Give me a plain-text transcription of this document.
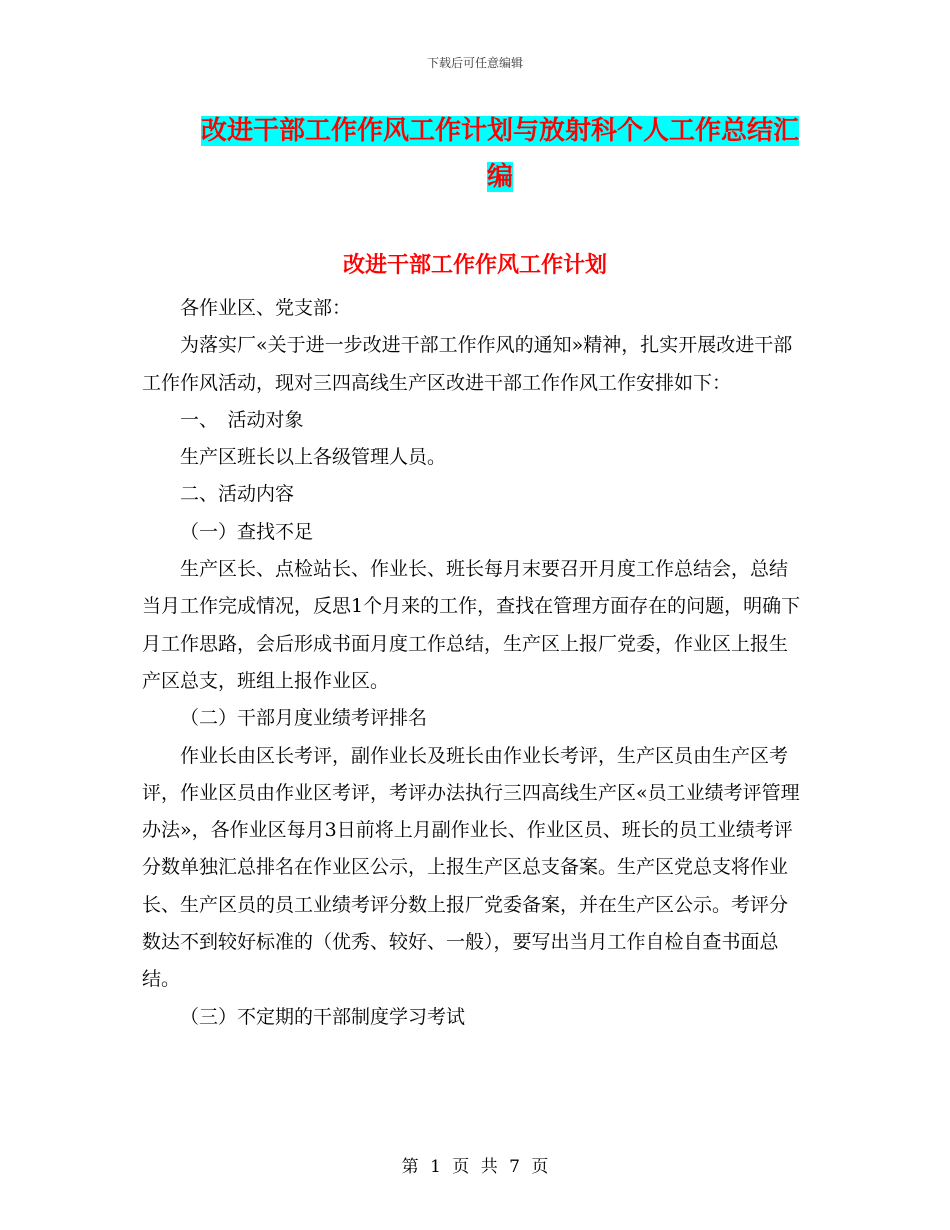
下载后可任意编辑
改进干部工作作风工作计划与放射科个人工作总结汇编
改进干部工作作风工作计划

各作业区、党支部：

为落实厂«关于进一步改进干部工作作风的通知»精神，扎实开展改进干部工作作风活动，现对三四高线生产区改进干部工作作风工作安排如下：

一、　活动对象

生产区班长以上各级管理人员。

二、活动内容

（一）查找不足

生产区长、点检站长、作业长、班长每月末要召开月度工作总结会，总结当月工作完成情况，反思1个月来的工作，查找在管理方面存在的问题，明确下月工作思路，会后形成书面月度工作总结，生产区上报厂党委，作业区上报生产区总支，班组上报作业区。

（二）干部月度业绩考评排名

作业长由区长考评，副作业长及班长由作业长考评，生产区员由生产区考评，作业区员由作业区考评，考评办法执行三四高线生产区«员工业绩考评管理办法»，各作业区每月3日前将上月副作业长、作业区员、班长的员工业绩考评分数单独汇总排名在作业区公示，上报生产区总支备案。生产区党总支将作业长、生产区员的员工业绩考评分数上报厂党委备案，并在生产区公示。考评分数达不到较好标准的（优秀、较好、一般），要写出当月工作自检自查书面总结。

（三）不定期的干部制度学习考试

第 1 页 共 7 页
